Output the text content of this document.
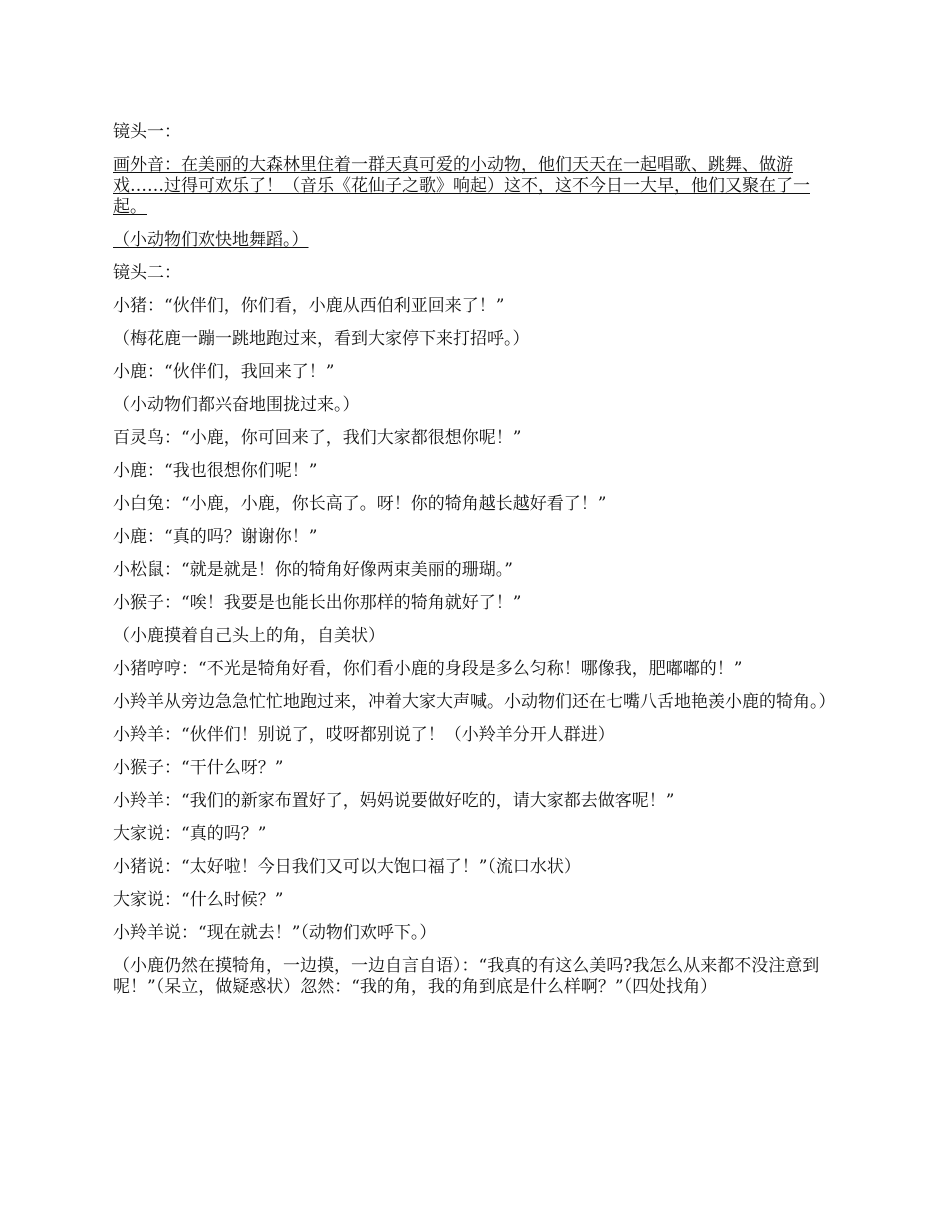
镜头一：

画外音：在美丽的大森林里住着一群天真可爱的小动物，他们天天在一起唱歌、跳舞、做游戏……过得可欢乐了！（音乐《花仙子之歌》响起）这不，这不今日一大早，他们又聚在了一起。

（小动物们欢快地舞蹈。）

镜头二：

小猪：“伙伴们，你们看，小鹿从西伯利亚回来了！”

（梅花鹿一蹦一跳地跑过来，看到大家停下来打招呼。）

小鹿：“伙伴们，我回来了！”

（小动物们都兴奋地围拢过来。）

百灵鸟：“小鹿，你可回来了，我们大家都很想你呢！”

小鹿：“我也很想你们呢！”

小白兔：“小鹿，小鹿，你长高了。呀！你的犄角越长越好看了！”

小鹿：“真的吗？谢谢你！”

小松鼠：“就是就是！你的犄角好像两束美丽的珊瑚。”

小猴子：“唉！我要是也能长出你那样的犄角就好了！”

（小鹿摸着自己头上的角，自美状）

小猪哼哼：“不光是犄角好看，你们看小鹿的身段是多么匀称！哪像我，肥嘟嘟的！”

小羚羊从旁边急急忙忙地跑过来，冲着大家大声喊。小动物们还在七嘴八舌地艳羡小鹿的犄角。）

小羚羊：“伙伴们！别说了，哎呀都别说了！（小羚羊分开人群进）

小猴子：“干什么呀？”

小羚羊：“我们的新家布置好了，妈妈说要做好吃的，请大家都去做客呢！”

大家说：“真的吗？”

小猪说：“太好啦！今日我们又可以大饱口福了！”（流口水状）

大家说：“什么时候？”

小羚羊说：“现在就去！”（动物们欢呼下。）

（小鹿仍然在摸犄角，一边摸，一边自言自语）：“我真的有这么美吗?我怎么从来都不没注意到呢！”（呆立，做疑惑状）忽然：“我的角，我的角到底是什么样啊？”（四处找角）
